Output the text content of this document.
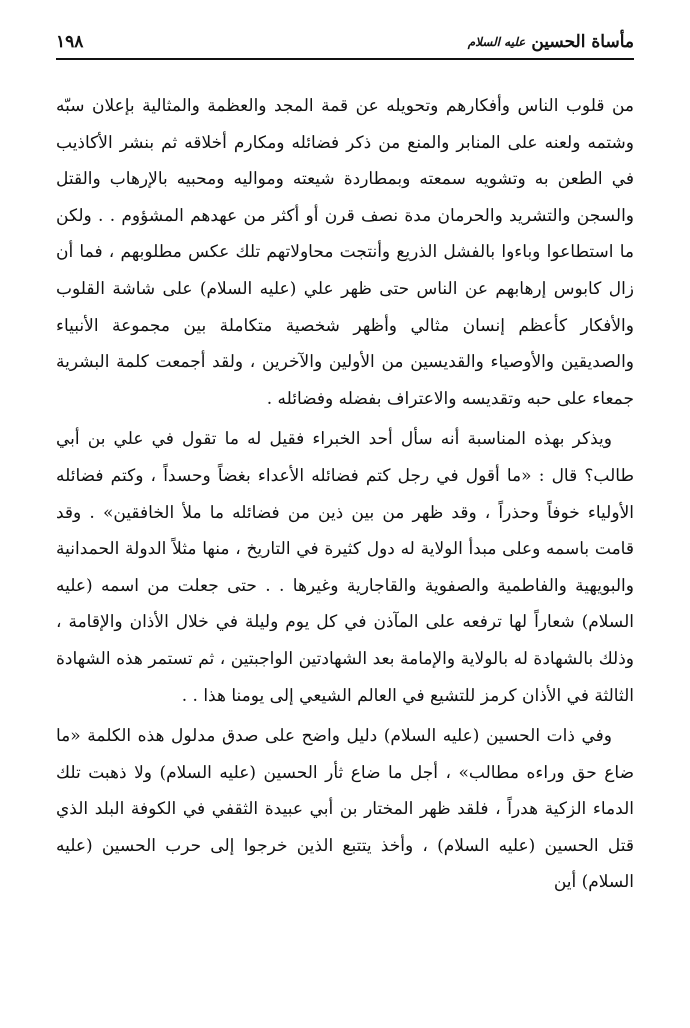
مأساة الحسين
عليه السلام
١٩٨

من قلوب الناس وأفكارهم وتحويله عن قمة المجد والعظمة والمثالية بإعلان سبّه وشتمه ولعنه على المنابر والمنع من ذكر فضائله ومكارم أخلاقه ثم بنشر الأكاذيب في الطعن به وتشويه سمعته وبمطاردة شيعته ومواليه ومحبيه بالإرهاب والقتل والسجن والتشريد والحرمان مدة نصف قرن أو أكثر من عهدهم المشؤوم . . ولكن ما استطاعوا وباءوا بالفشل الذريع وأنتجت محاولاتهم تلك عكس مطلوبهم ، فما أن زال كابوس إرهابهم عن الناس حتى ظهر علي (عليه السلام) على شاشة القلوب والأفكار كأعظم إنسان مثالي وأظهر شخصية متكاملة بين مجموعة الأنبياء والصديقين والأوصياء والقديسين من الأولين والآخرين ، ولقد أجمعت كلمة البشرية جمعاء على حبه وتقديسه والاعتراف بفضله وفضائله .

ويذكر بهذه المناسبة أنه سأل أحد الخبراء فقيل له ما تقول في علي بن أبي طالب؟ قال : «ما أقول في رجل كتم فضائله الأعداء بغضاً وحسداً ، وكتم فضائله الأولياء خوفاً وحذراً ، وقد ظهر من بين ذين من فضائله ما ملأ الخافقين» . وقد قامت باسمه وعلى مبدأ الولاية له دول كثيرة في التاريخ ، منها مثلاً الدولة الحمدانية والبويهية والفاطمية والصفوية والقاجارية وغيرها . . حتى جعلت من اسمه (عليه السلام) شعاراً لها ترفعه على المآذن في كل يوم وليلة في خلال الأذان والإقامة ، وذلك بالشهادة له بالولاية والإمامة بعد الشهادتين الواجبتين ، ثم تستمر هذه الشهادة الثالثة في الأذان كرمز للتشيع في العالم الشيعي إلى يومنا هذا . .

وفي ذات الحسين (عليه السلام) دليل واضح على صدق مدلول هذه الكلمة «ما ضاع حق وراءه مطالب» ، أجل ما ضاع ثأر الحسين (عليه السلام) ولا ذهبت تلك الدماء الزكية هدراً ، فلقد ظهر المختار بن أبي عبيدة الثقفي في الكوفة البلد الذي قتل الحسين (عليه السلام) ، وأخذ يتتبع الذين خرجوا إلى حرب الحسين (عليه السلام) أين
